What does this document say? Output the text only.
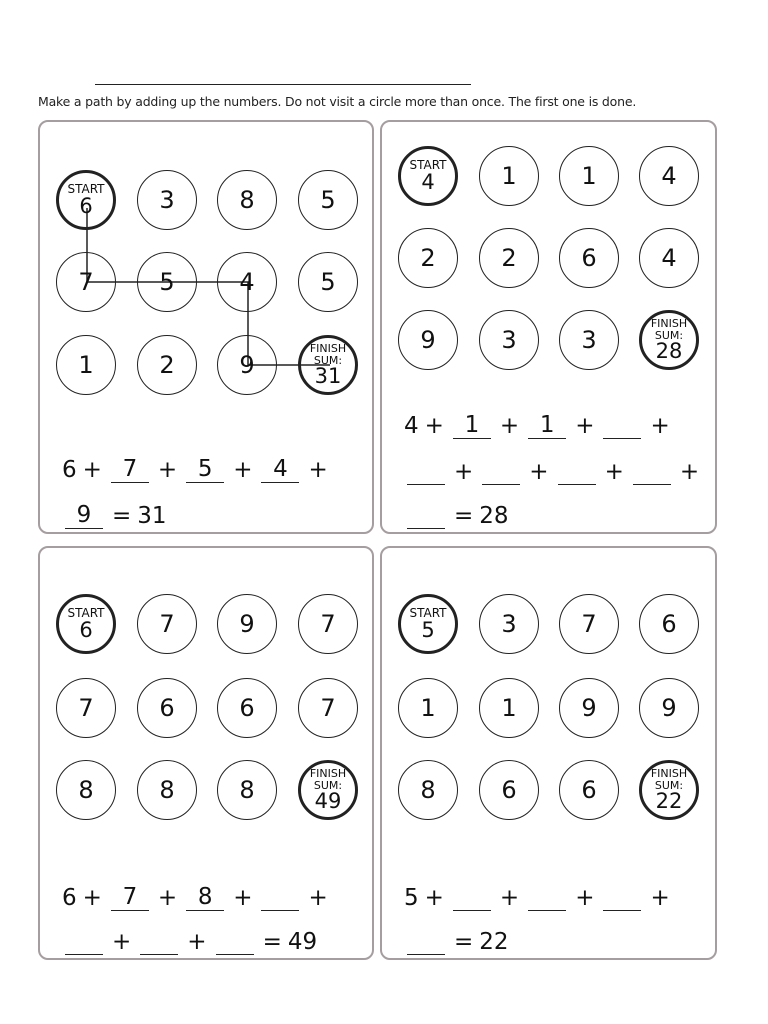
Make a path by adding up the numbers. Do not visit a circle more than once. The first one is done.
START
6	3	8	5
7	5	4	5
1	2	9
FINISH
SUM:
31
6 + 7 + 5 + 4 +
9 = 31
START
4	1	1	4
2	2	6	4
9	3	3
FINISH
SUM:
28
4 + 1 + 1 + +
+ + + +
= 28
START
6	7	9	7
7	6	6	7
8	8	8
FINISH
SUM:
49
6 + 7 + 8 + +
+ + = 49
START
5	3	7	6
1	1	9	9
8	6	6
FINISH
SUM:
22
5 + + + +
= 22
